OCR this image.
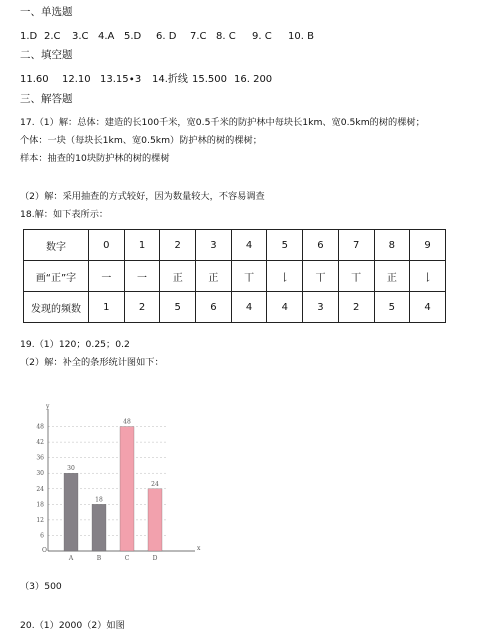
一、单选题
1.D 2.C 3.C 4.A 5.D 6. D 7.C 8. C 9. C 10. B
二、填空题
11.60 12.10 13.15∙3 14.折线 15.500 16. 200
三、解答题
17.（1）解：总体：建造的长100千米，宽0.5千米的防护林中每块长1km、宽0.5km的树的棵树；
个体：一块（每块长1km、宽0.5km）防护林的树的棵树；
样本：抽查的10块防护林的树的棵树
（2）解：采用抽查的方式较好，因为数量较大，不容易调查
18.解：如下表所示：
数字	0	1	2	3	4	5	6	7	8	9
画“正”字	一	一	正	正	丅	𠄌	丅	丅	正	𠄌
发现的频数	1	2	5	6	4	4	3	2	5	4
19.（1）120；0.25；0.2
（2）解：补全的条形统计图如下：
6
12
18
24
30
36
42
48
y
x
O
30
A
18
B
48
C
24
D
（3）500
20.（1）2000（2）如图
